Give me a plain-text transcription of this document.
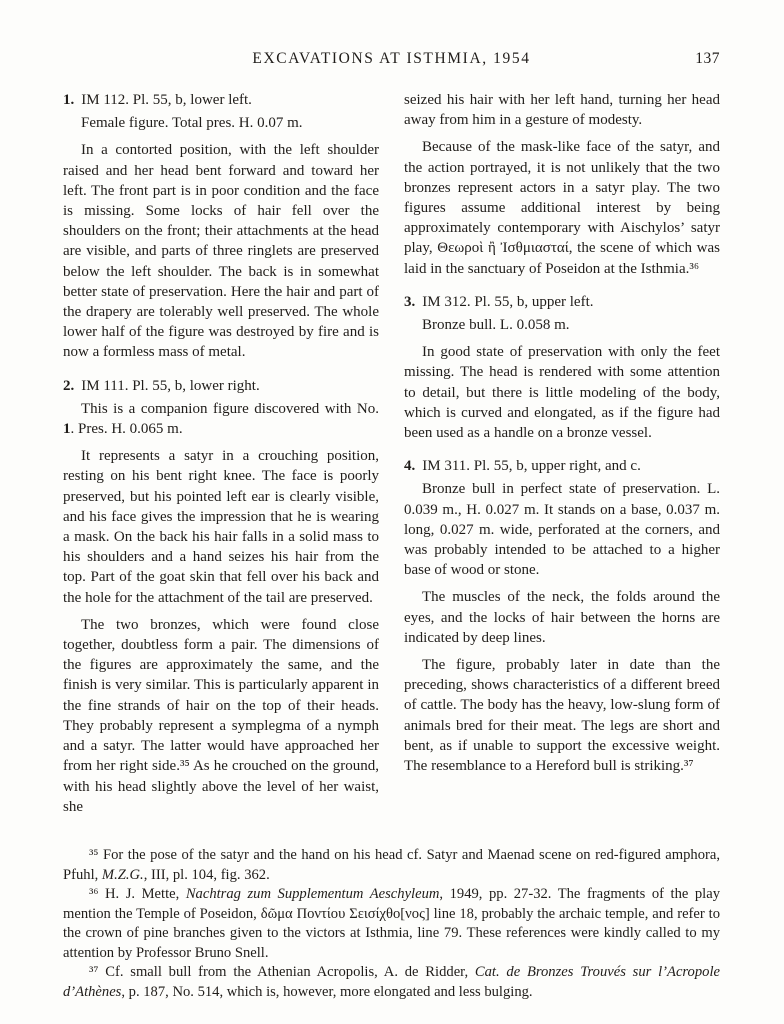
EXCAVATIONS AT ISTHMIA, 1954	137

1. IM 112. Pl. 55, b, lower left.

Female figure. Total pres. H. 0.07 m.

In a contorted position, with the left shoulder raised and her head bent forward and toward her left. The front part is in poor condition and the face is missing. Some locks of hair fell over the shoulders on the front; their attachments at the head are visible, and parts of three ringlets are preserved below the left shoulder. The back is in somewhat better state of preservation. Here the hair and part of the drapery are tolerably well preserved. The whole lower half of the figure was destroyed by fire and is now a formless mass of metal.

2. IM 111. Pl. 55, b, lower right.

This is a companion figure discovered with No. 1. Pres. H. 0.065 m.

It represents a satyr in a crouching position, resting on his bent right knee. The face is poorly preserved, but his pointed left ear is clearly visible, and his face gives the impression that he is wearing a mask. On the back his hair falls in a solid mass to his shoulders and a hand seizes his hair from the top. Part of the goat skin that fell over his back and the hole for the attachment of the tail are preserved.

The two bronzes, which were found close together, doubtless form a pair. The dimensions of the figures are approximately the same, and the finish is very similar. This is particularly apparent in the fine strands of hair on the top of their heads. They probably represent a symplegma of a nymph and a satyr. The latter would have approached her from her right side.³⁵ As he crouched on the ground, with his head slightly above the level of her waist, she

seized his hair with her left hand, turning her head away from him in a gesture of modesty.

Because of the mask-like face of the satyr, and the action portrayed, it is not unlikely that the two bronzes represent actors in a satyr play. The two figures assume additional interest by being approximately contemporary with Aischylos’ satyr play, Θεωροὶ ἢ Ἰσθμιασταί, the scene of which was laid in the sanctuary of Poseidon at the Isthmia.³⁶

3. IM 312. Pl. 55, b, upper left.

Bronze bull. L. 0.058 m.

In good state of preservation with only the feet missing. The head is rendered with some attention to detail, but there is little modeling of the body, which is curved and elongated, as if the figure had been used as a handle on a bronze vessel.

4. IM 311. Pl. 55, b, upper right, and c.

Bronze bull in perfect state of preservation. L. 0.039 m., H. 0.027 m. It stands on a base, 0.037 m. long, 0.027 m. wide, perforated at the corners, and was probably intended to be attached to a higher base of wood or stone.

The muscles of the neck, the folds around the eyes, and the locks of hair between the horns are indicated by deep lines.

The figure, probably later in date than the preceding, shows characteristics of a different breed of cattle. The body has the heavy, low-slung form of animals bred for their meat. The legs are short and bent, as if unable to support the excessive weight. The resemblance to a Hereford bull is striking.³⁷

³⁵ For the pose of the satyr and the hand on his head cf. Satyr and Maenad scene on red-figured amphora, Pfuhl, M.Z.G., III, pl. 104, fig. 362.

³⁶ H. J. Mette, Nachtrag zum Supplementum Aeschyleum, 1949, pp. 27-32. The fragments of the play mention the Temple of Poseidon, δῶμα Ποντίου Σεισίχθο[νος] line 18, probably the archaic temple, and refer to the crown of pine branches given to the victors at Isthmia, line 79. These references were kindly called to my attention by Professor Bruno Snell.

³⁷ Cf. small bull from the Athenian Acropolis, A. de Ridder, Cat. de Bronzes Trouvés sur l’Acropole d’Athènes, p. 187, No. 514, which is, however, more elongated and less bulging.
